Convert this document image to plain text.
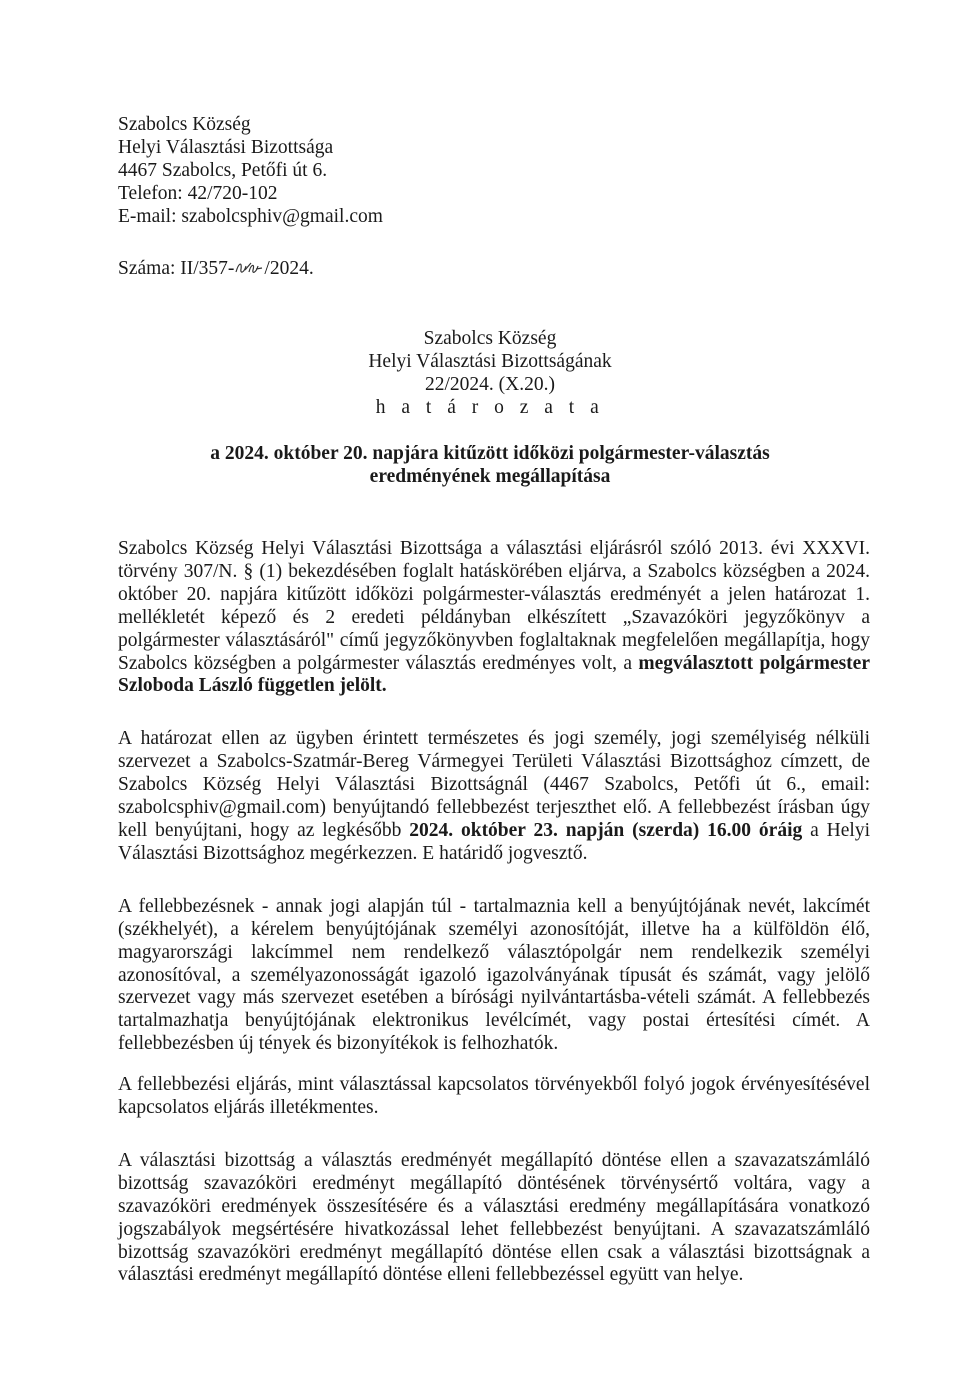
Szabolcs Község
Helyi Választási Bizottsága
4467 Szabolcs, Petőfi út 6.
Telefon: 42/720-102
E-mail: szabolcsphiv@gmail.com
Száma: II/357- /2024.
Szabolcs Község
Helyi Választási Bizottságának
22/2024. (X.20.)
h a t á r o z a t a
a 2024. október 20. napjára kitűzött időközi polgármester-választás
eredményének megállapítása

Szabolcs Község Helyi Választási Bizottsága a választási eljárásról szóló 2013. évi XXXVI. törvény 307/N. § (1) bekezdésében foglalt hatáskörében eljárva, a Szabolcs községben a 2024. október 20. napjára kitűzött időközi polgármester-választás eredményét a jelen határozat 1. mellékletét képező és 2 eredeti példányban elkészített „Szavazóköri jegyzőkönyv a polgármester választásáról" című jegyzőkönyvben foglaltaknak megfelelően megállapítja, hogy Szabolcs községben a polgármester választás eredményes volt, a megválasztott polgármester Szloboda László független jelölt.

A határozat ellen az ügyben érintett természetes és jogi személy, jogi személyiség nélküli szervezet a Szabolcs-Szatmár-Bereg Vármegyei Területi Választási Bizottsághoz címzett, de Szabolcs Község Helyi Választási Bizottságnál (4467 Szabolcs, Petőfi út 6., email: szabolcsphiv@gmail.com) benyújtandó fellebbezést terjeszthet elő. A fellebbezést írásban úgy kell benyújtani, hogy az legkésőbb 2024. október 23. napján (szerda) 16.00 óráig a Helyi Választási Bizottsághoz megérkezzen. E határidő jogvesztő.

A fellebbezésnek - annak jogi alapján túl - tartalmaznia kell a benyújtójának nevét, lakcímét (székhelyét), a kérelem benyújtójának személyi azonosítóját, illetve ha a külföldön élő, magyarországi lakcímmel nem rendelkező választópolgár nem rendelkezik személyi azonosítóval, a személyazonosságát igazoló igazolványának típusát és számát, vagy jelölő szervezet vagy más szervezet esetében a bírósági nyilvántartásba-vételi számát. A fellebbezés tartalmazhatja benyújtójának elektronikus levélcímét, vagy postai értesítési címét. A fellebbezésben új tények és bizonyítékok is felhozhatók.

A fellebbezési eljárás, mint választással kapcsolatos törvényekből folyó jogok érvényesítésével kapcsolatos eljárás illetékmentes.

A választási bizottság a választás eredményét megállapító döntése ellen a szavazatszámláló bizottság szavazóköri eredményt megállapító döntésének törvénysértő voltára, vagy a szavazóköri eredmények összesítésére és a választási eredmény megállapítására vonatkozó jogszabályok megsértésére hivatkozással lehet fellebbezést benyújtani. A szavazatszámláló bizottság szavazóköri eredményt megállapító döntése ellen csak a választási bizottságnak a választási eredményt megállapító döntése elleni fellebbezéssel együtt van helye.
